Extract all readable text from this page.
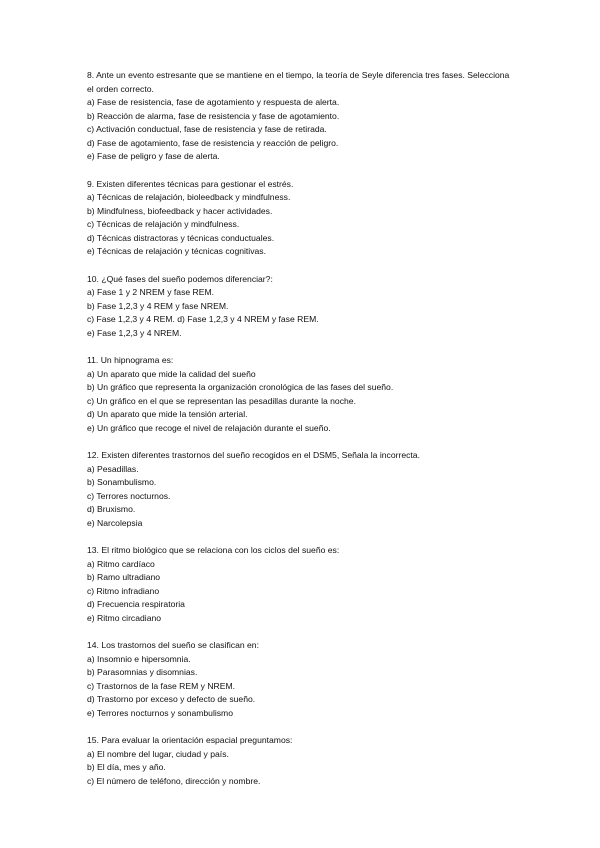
8. Ante un evento estresante que se mantiene en el tiempo, la teoría de Seyle diferencia tres fases. Selecciona el orden correcto.

a) Fase de resistencia, fase de agotamiento y respuesta de alerta.
b) Reacción de alarma, fase de resistencia y fase de agotamiento.
c) Activación conductual, fase de resistencia y fase de retirada.
d) Fase de agotamiento, fase de resistencia y reacción de peligro.
e) Fase de peligro y fase de alerta.

9. Existen diferentes técnicas para gestionar el estrés.

a) Técnicas de relajación, bioleedback y mindfulness.
b) Mindfulness, biofeedback y hacer actividades.
c) Técnicas de relajación y mindfulness.
d) Técnicas distractoras y técnicas conductuales.
e) Técnicas de relajación y técnicas cognitivas.

10. ¿Qué fases del sueño podemos diferenciar?:

a) Fase 1 y 2 NREM y fase REM.
b) Fase 1,2,3 y 4 REM y fase NREM.
c) Fase 1,2,3 y 4 REM. d) Fase 1,2,3 y 4 NREM y fase REM.
e) Fase 1,2,3 y 4 NREM.

11. Un hipnograma es:

a) Un aparato que mide la calidad del sueño
b) Un gráfico que representa la organización cronológica de las fases del sueño.
c) Un gráfico en el que se representan las pesadillas durante la noche.
d) Un aparato que mide la tensión arterial.
e) Un gráfico que recoge el nivel de relajación durante el sueño.

12. Existen diferentes trastornos del sueño recogidos en el DSM5, Señala la incorrecta.

a) Pesadillas.
b) Sonambulismo.
c) Terrores nocturnos.
d) Bruxismo.
e) Narcolepsia

13. El ritmo biológico que se relaciona con los ciclos del sueño es:

a) Ritmo cardíaco
b) Ramo ultradiano
c) Ritmo infradiano
d) Frecuencia respiratoria
e) Ritmo circadiano

14. Los trastornos del sueño se clasifican en:

a) Insomnio e hipersomnia.
b) Parasomnias y disomnias.
c) Trastornos de la fase REM y NREM.
d) Trastorno por exceso y defecto de sueño.
e) Terrores nocturnos y sonambulismo

15. Para evaluar la orientación espacial preguntamos:

a) El nombre del lugar, ciudad y país.
b) El día, mes y año.
c) El número de teléfono, dirección y nombre.
